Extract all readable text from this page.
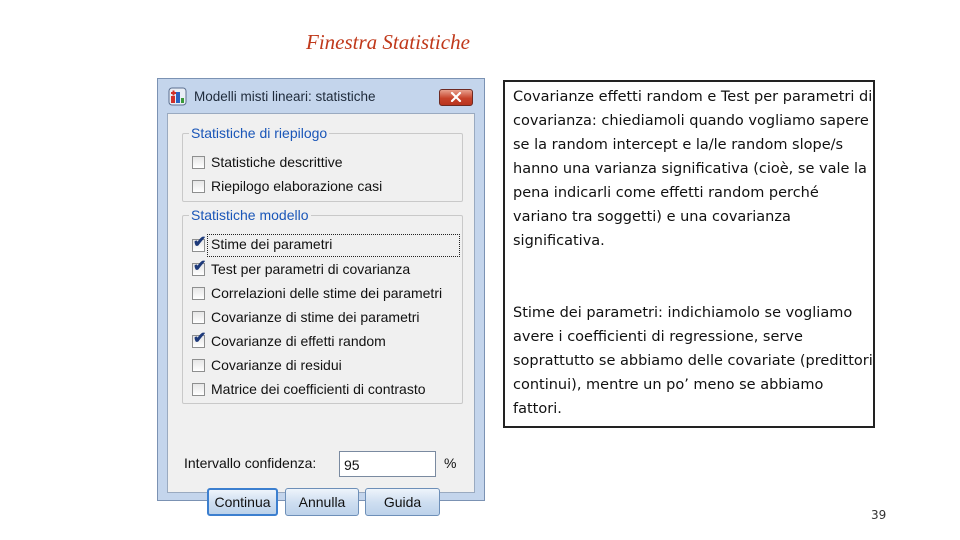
Finestra Statistiche
Modelli misti lineari: statistiche
Statistiche di riepilogo
Statistiche descrittive
Riepilogo elaborazione casi
Statistiche modello
✔ Stime dei parametri
✔ Test per parametri di covarianza
Correlazioni delle stime dei parametri
Covarianze di stime dei parametri
✔ Covarianze di effetti random
Covarianze di residui
Matrice dei coefficienti di contrasto
Intervallo confidenza:	95	%
Continua	Annulla	Guida
Covarianze effetti random e Test per parametri di covarianza: chiediamoli quando vogliamo sapere se la random intercept e la/le random slope/s hanno una varianza significativa (cioè, se vale la pena indicarli come effetti random perché variano tra soggetti) e una covarianza significativa.
Stime dei parametri: indichiamolo se vogliamo avere i coefficienti di regressione, serve soprattutto se abbiamo delle covariate (predittori continui), mentre un po’ meno se abbiamo fattori.
39
